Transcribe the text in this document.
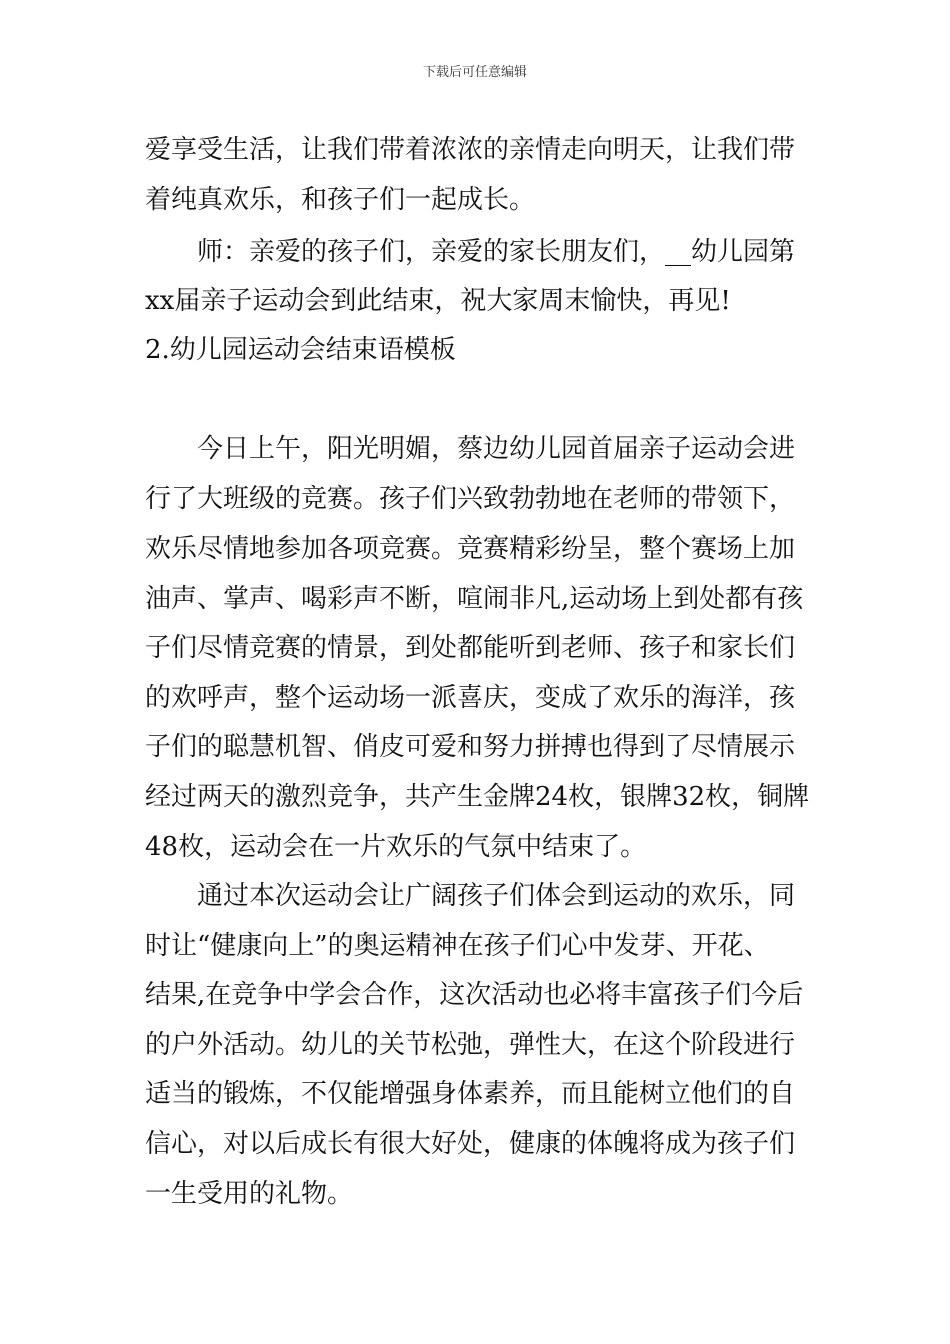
下载后可任意编辑
爱享受生活，让我们带着浓浓的亲情走向明天，让我们带
着纯真欢乐，和孩子们一起成长。
师：亲爱的孩子们，亲爱的家长朋友们，__幼儿园第
xx届亲子运动会到此结束，祝大家周末愉快，再见!
2.幼儿园运动会结束语模板
今日上午，阳光明媚，蔡边幼儿园首届亲子运动会进
行了大班级的竞赛。孩子们兴致勃勃地在老师的带领下，
欢乐尽情地参加各项竞赛。竞赛精彩纷呈，整个赛场上加
油声、掌声、喝彩声不断，喧闹非凡,运动场上到处都有孩
子们尽情竞赛的情景，到处都能听到老师、孩子和家长们
的欢呼声，整个运动场一派喜庆，变成了欢乐的海洋，孩
子们的聪慧机智、俏皮可爱和努力拼搏也得到了尽情展示
经过两天的激烈竞争，共产生金牌24枚，银牌32枚，铜牌
48枚，运动会在一片欢乐的气氛中结束了。
通过本次运动会让广阔孩子们体会到运动的欢乐，同
时让“健康向上”的奥运精神在孩子们心中发芽、开花、
结果,在竞争中学会合作，这次活动也必将丰富孩子们今后
的户外活动。幼儿的关节松弛，弹性大，在这个阶段进行
适当的锻炼，不仅能增强身体素养，而且能树立他们的自
信心，对以后成长有很大好处，健康的体魄将成为孩子们
一生受用的礼物。
